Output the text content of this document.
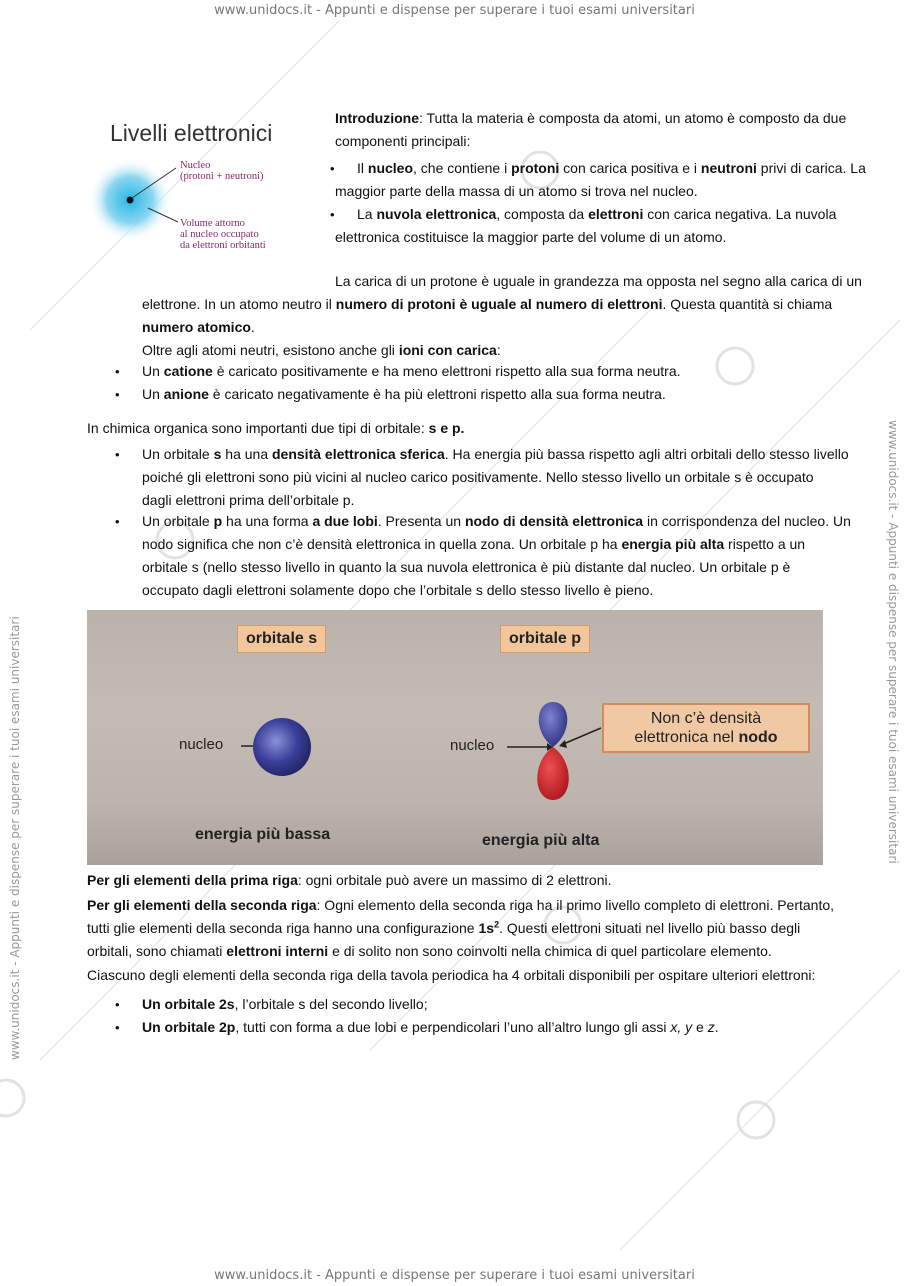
www.unidocs.it - Appunti e dispense per superare i tuoi esami universitari
www.unidocs.it - Appunti e dispense per superare i tuoi esami universitari
www.unidocs.it - Appunti e dispense per superare i tuoi esami universitari	www.unidocs.it - Appunti e dispense per superare i tuoi esami universitari
Livelli elettronici
Nucleo
(protoni + neutroni)
Volume attorno
al nucleo occupato
da elettroni orbitanti
Introduzione: Tutta la materia è composta da atomi, un atomo è composto da due
componenti principali:
• Il nucleo, che contiene i protoni con carica positiva e i neutroni privi di carica. La
maggior parte della massa di un atomo si trova nel nucleo.
• La nuvola elettronica, composta da elettroni con carica negativa. La nuvola
elettronica costituisce la maggior parte del volume di un atomo.
La carica di un protone è uguale in grandezza ma opposta nel segno alla carica di un
elettrone. In un atomo neutro il numero di protoni è uguale al numero di elettroni. Questa quantità si chiama
numero atomico.
Oltre agli atomi neutri, esistono anche gli ioni con carica:
• Un catione è caricato positivamente e ha meno elettroni rispetto alla sua forma neutra.
• Un anione è caricato negativamente è ha più elettroni rispetto alla sua forma neutra.
In chimica organica sono importanti due tipi di orbitale: s e p.
• Un orbitale s ha una densità elettronica sferica. Ha energia più bassa rispetto agli altri orbitali dello stesso livello
poiché gli elettroni sono più vicini al nucleo carico positivamente. Nello stesso livello un orbitale s è occupato
dagli elettroni prima dell’orbitale p.
• Un orbitale p ha una forma a due lobi. Presenta un nodo di densità elettronica in corrispondenza del nucleo. Un
nodo significa che non c’è densità elettronica in quella zona. Un orbitale p ha energia più alta rispetto a un
orbitale s (nello stesso livello in quanto la sua nuvola elettronica è più distante dal nucleo. Un orbitale p è
occupato dagli elettroni solamente dopo che l’orbitale s dello stesso livello è pieno.
orbitale s	orbitale p
nucleo	nucleo
Non c’è densità
elettronica nel nodo
energia più bassa	energia più alta
Per gli elementi della prima riga: ogni orbitale può avere un massimo di 2 elettroni.
Per gli elementi della seconda riga: Ogni elemento della seconda riga ha il primo livello completo di elettroni. Pertanto,
tutti glie elementi della seconda riga hanno una configurazione $1s^2$. Questi elettroni situati nel livello più basso degli
orbitali, sono chiamati elettroni interni e di solito non sono coinvolti nella chimica di quel particolare elemento.
Ciascuno degli elementi della seconda riga della tavola periodica ha 4 orbitali disponibili per ospitare ulteriori elettroni:
• Un orbitale 2s, l’orbitale s del secondo livello;
• Un orbitale 2p, tutti con forma a due lobi e perpendicolari l’uno all’altro lungo gli assi x, y e z.
